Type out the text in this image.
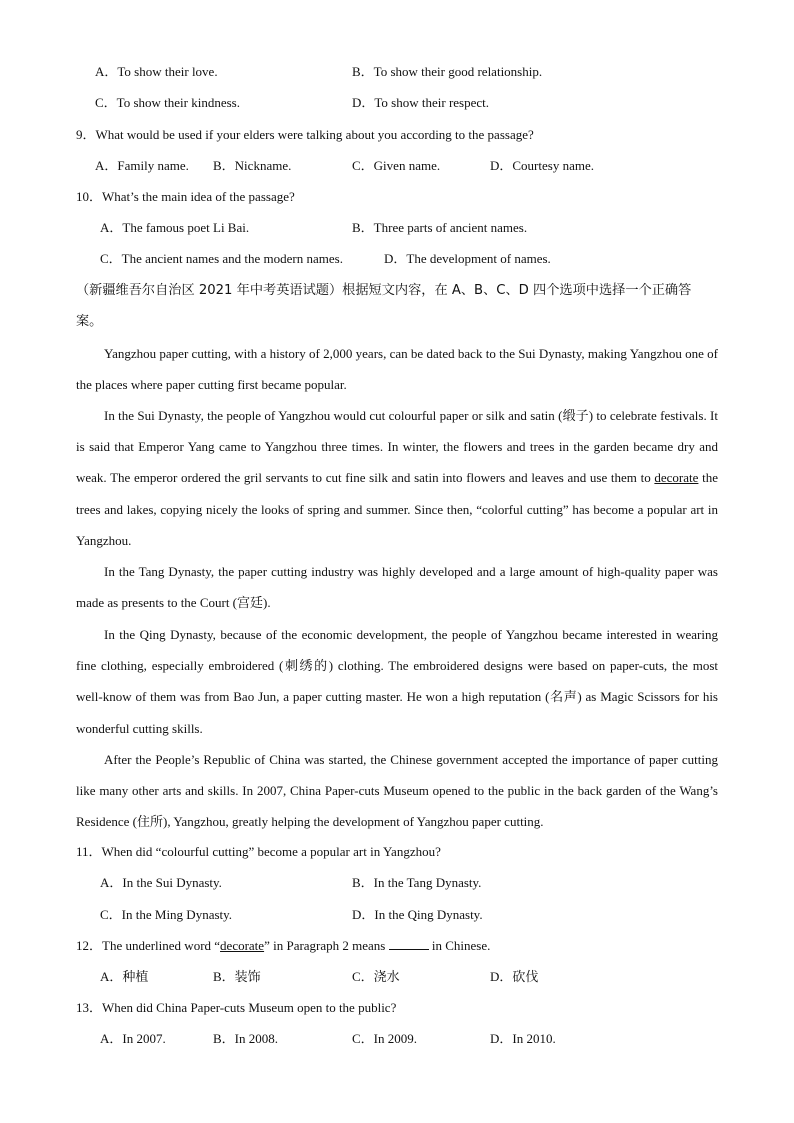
A．To show their love.	B．To show their good relationship.
C．To show their kindness.	D．To show their respect.
9．What would be used if your elders were talking about you according to the passage?
A．Family name. B．Nickname.	C．Given name.	D．Courtesy name.
10．What’s the main idea of the passage?
A．The famous poet Li Bai.	B．Three parts of ancient names.
C．The ancient names and the modern names.	D．The development of names.
（新疆维吾尔自治区 2021 年中考英语试题）根据短文内容，在 A、B、C、D 四个选项中选择一个正确答
案。
Yangzhou paper cutting, with a history of 2,000 years, can be dated back to the Sui Dynasty, making Yangzhou one of the places where paper cutting first became popular.
In the Sui Dynasty, the people of Yangzhou would cut colourful paper or silk and satin (缎子) to celebrate festivals. It is said that Emperor Yang came to Yangzhou three times. In winter, the flowers and trees in the garden became dry and weak. The emperor ordered the gril servants to cut fine silk and satin into flowers and leaves and use them to decorate the trees and lakes, copying nicely the looks of spring and summer. Since then, “colorful cutting” has become a popular art in Yangzhou.
In the Tang Dynasty, the paper cutting industry was highly developed and a large amount of high-quality paper was made as presents to the Court (宫廷).
In the Qing Dynasty, because of the economic development, the people of Yangzhou became interested in wearing fine clothing, especially embroidered (刺绣的) clothing. The embroidered designs were based on paper-cuts, the most well-know of them was from Bao Jun, a paper cutting master. He won a high reputation (名声) as Magic Scissors for his wonderful cutting skills.
After the People’s Republic of China was started, the Chinese government accepted the importance of paper cutting like many other arts and skills. In 2007, China Paper-cuts Museum opened to the public in the back garden of the Wang’s Residence (住所), Yangzhou, greatly helping the development of Yangzhou paper cutting.
11．When did “colourful cutting” become a popular art in Yangzhou?
A．In the Sui Dynasty.	B．In the Tang Dynasty.
C．In the Ming Dynasty.	D．In the Qing Dynasty.
12．The underlined word “decorate” in Paragraph 2 means	in Chinese.
A．种植	B．装饰	C．浇水	D．砍伐
13．When did China Paper-cuts Museum open to the public?
A．In 2007.	B．In 2008.	C．In 2009.	D．In 2010.
